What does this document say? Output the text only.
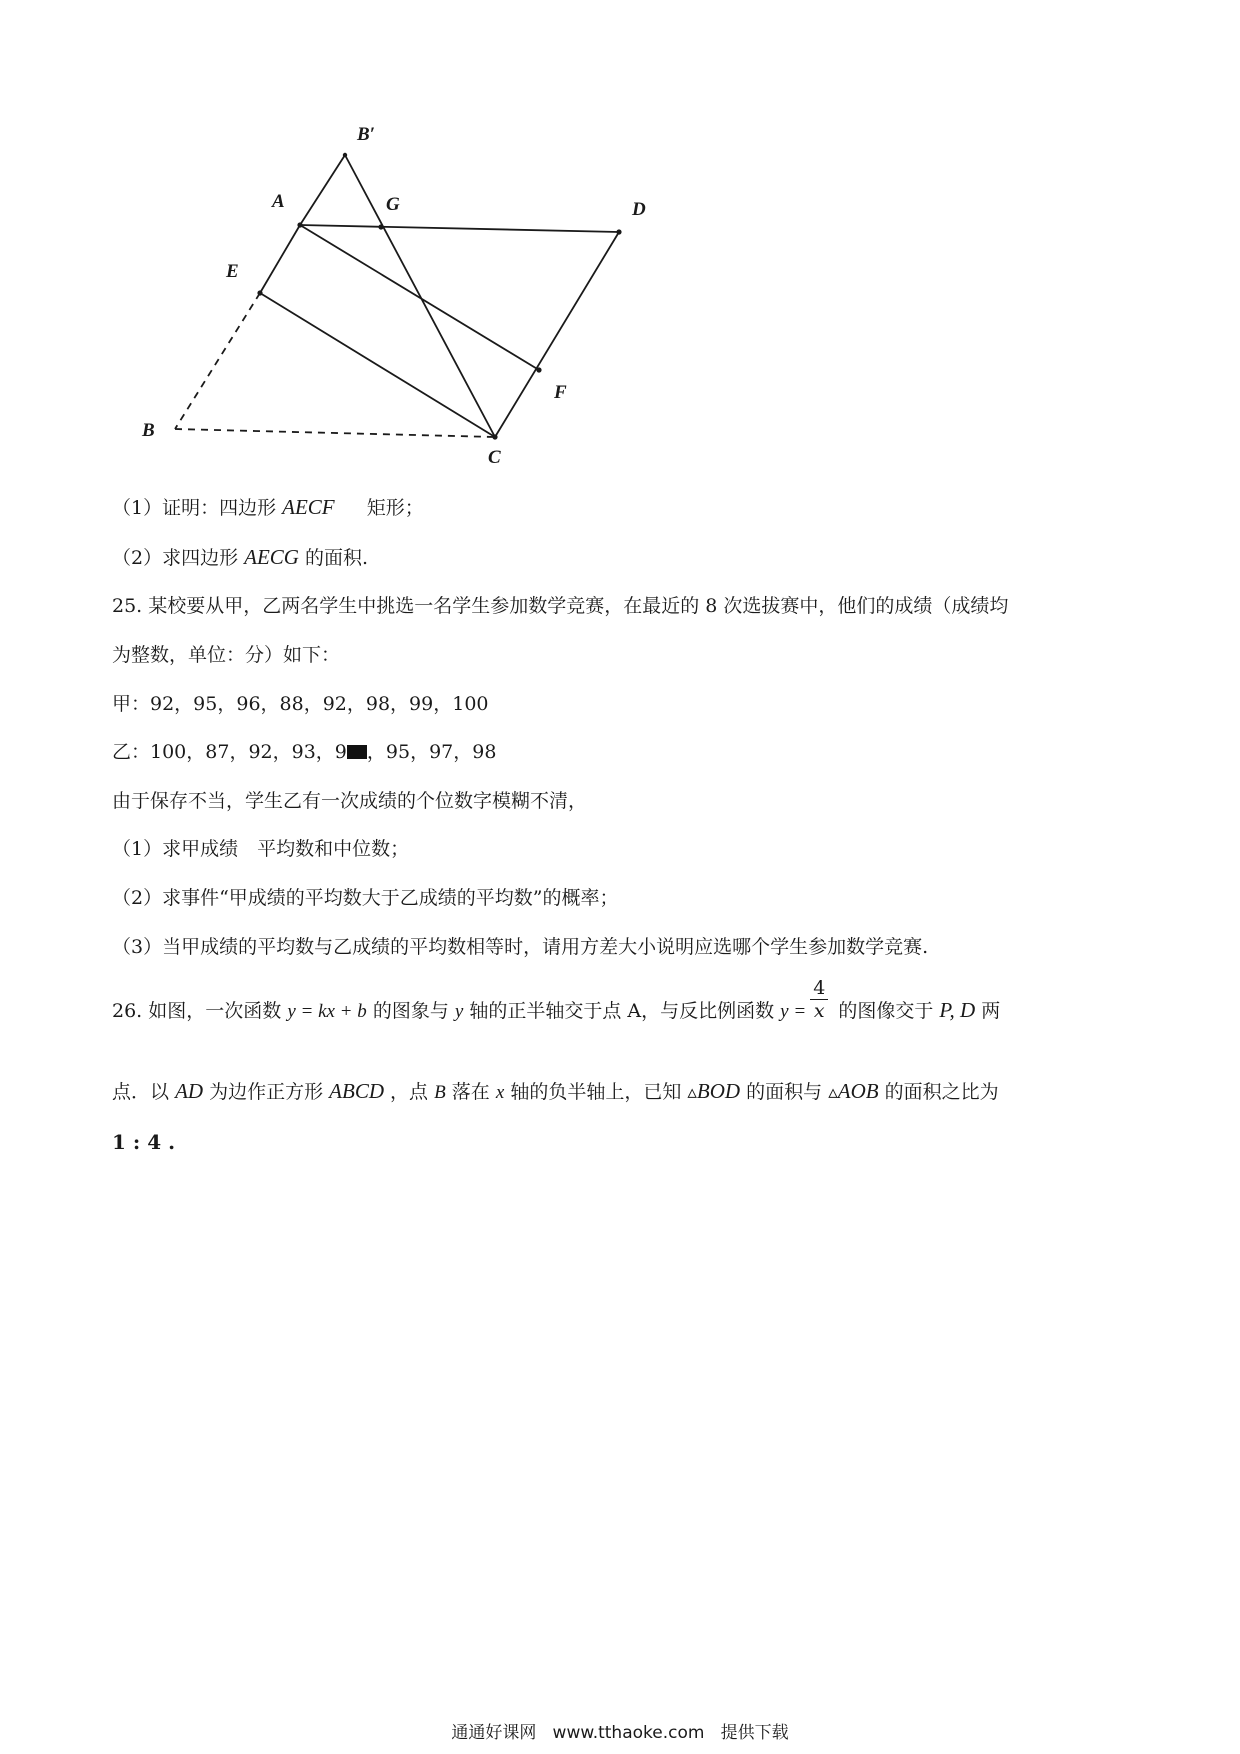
B′
A	G	D
E
F
B
C
（1）证明：四边形 AECF 矩形；
（2）求四边形 AECG 的面积.
25. 某校要从甲，乙两名学生中挑选一名学生参加数学竞赛，在最近的 8 次选拔赛中，他们的成绩（成绩均
为整数，单位：分）如下：
甲：92，95，96，88，92，98，99，100
乙：100，87，92，93，9 ，95，97，98
由于保存不当，学生乙有一次成绩的个位数字模糊不清，
（1）求甲成绩　平均数和中位数；
（2）求事件“甲成绩的平均数大于乙成绩的平均数”的概率；
（3）当甲成绩的平均数与乙成绩的平均数相等时，请用方差大小说明应选哪个学生参加数学竞赛.
26. 如图，一次函数 y = kx + b 的图象与 y 轴的正半轴交于点 A，与反比例函数 $y = \frac{4}{x}$ 的图像交于 P, D 两
点．以 AD 为边作正方形 ABCD ，点 B 落在 x 轴的负半轴上，已知 ▵BOD 的面积与 ▵AOB 的面积之比为
1 : 4 .
通通好课网 www.tthaoke.com 提供下载
